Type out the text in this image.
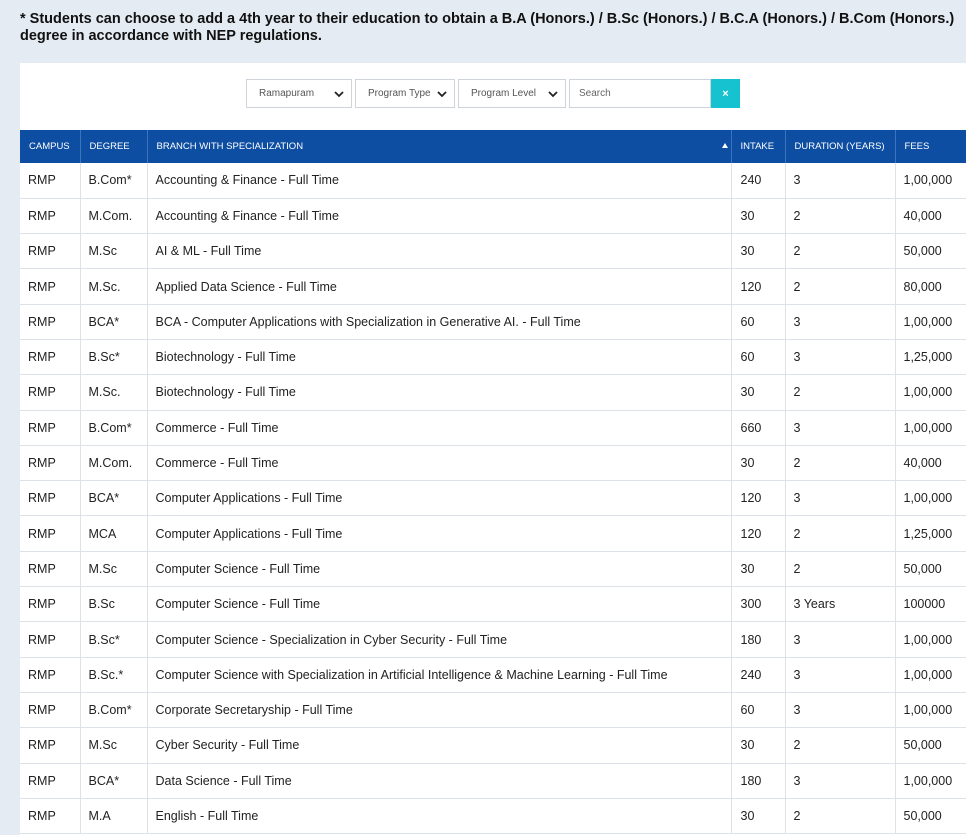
* Students can choose to add a 4th year to their education to obtain a B.A (Honors.) / B.Sc (Honors.) / B.C.A (Honors.) / B.Com (Honors.) degree in accordance with NEP regulations.
Ramapuram	Program Type	Program Level
Search	×
CAMPUS	DEGREE	BRANCH WITH SPECIALIZATION	INTAKE	DURATION (YEARS)	FEES
RMP	B.Com*	Accounting & Finance - Full Time	240	3	1,00,000
RMP	M.Com.	Accounting & Finance - Full Time	30	2	40,000
RMP	M.Sc	AI & ML - Full Time	30	2	50,000
RMP	M.Sc.	Applied Data Science - Full Time	120	2	80,000
RMP	BCA*	BCA - Computer Applications with Specialization in Generative AI. - Full Time	60	3	1,00,000
RMP	B.Sc*	Biotechnology - Full Time	60	3	1,25,000
RMP	M.Sc.	Biotechnology - Full Time	30	2	1,00,000
RMP	B.Com*	Commerce - Full Time	660	3	1,00,000
RMP	M.Com.	Commerce - Full Time	30	2	40,000
RMP	BCA*	Computer Applications - Full Time	120	3	1,00,000
RMP	MCA	Computer Applications - Full Time	120	2	1,25,000
RMP	M.Sc	Computer Science - Full Time	30	2	50,000
RMP	B.Sc	Computer Science - Full Time	300	3 Years	100000
RMP	B.Sc*	Computer Science - Specialization in Cyber Security - Full Time	180	3	1,00,000
RMP	B.Sc.*	Computer Science with Specialization in Artificial Intelligence & Machine Learning - Full Time	240	3	1,00,000
RMP	B.Com*	Corporate Secretaryship - Full Time	60	3	1,00,000
RMP	M.Sc	Cyber Security - Full Time	30	2	50,000
RMP	BCA*	Data Science - Full Time	180	3	1,00,000
RMP	M.A	English - Full Time	30	2	50,000
